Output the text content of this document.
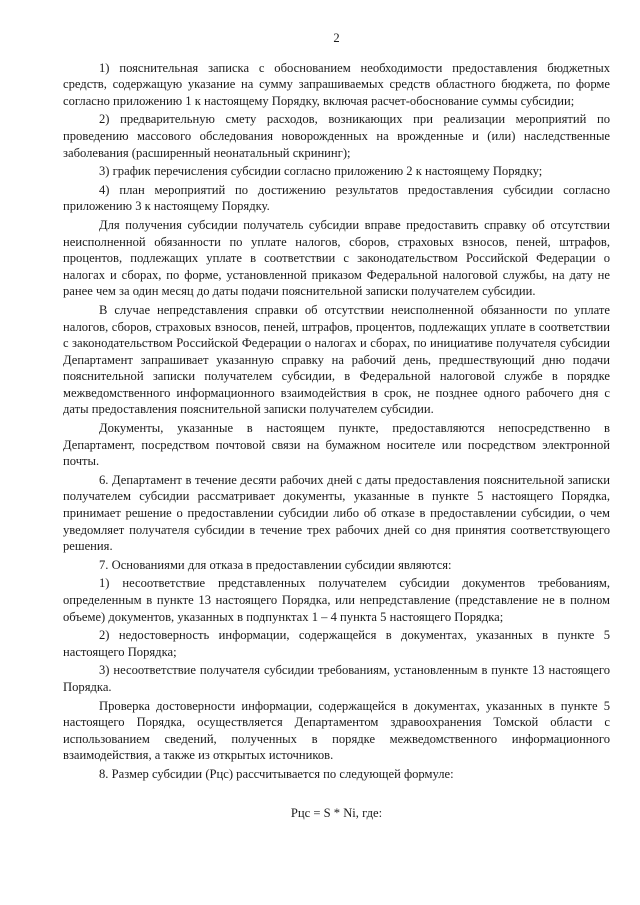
2

1) пояснительная записка с обоснованием необходимости предоставления бюджетных средств, содержащую указание на сумму запрашиваемых средств областного бюджета, по форме согласно приложению 1 к настоящему Порядку, включая расчет-обоснование суммы субсидии;

2) предварительную смету расходов, возникающих при реализации мероприятий по проведению массового обследования новорожденных на врожденные и (или) наследственные заболевания (расширенный неонатальный скрининг);

3) график перечисления субсидии согласно приложению 2 к настоящему Порядку;

4) план мероприятий по достижению результатов предоставления субсидии согласно приложению 3 к настоящему Порядку.

Для получения субсидии получатель субсидии вправе предоставить справку об отсутствии неисполненной обязанности по уплате налогов, сборов, страховых взносов, пеней, штрафов, процентов, подлежащих уплате в соответствии с законодательством Российской Федерации о налогах и сборах, по форме, установленной приказом Федеральной налоговой службы, на дату не ранее чем за один месяц до даты подачи пояснительной записки получателем субсидии.

В случае непредставления справки об отсутствии неисполненной обязанности по уплате налогов, сборов, страховых взносов, пеней, штрафов, процентов, подлежащих уплате в соответствии с законодательством Российской Федерации о налогах и сборах, по инициативе получателя субсидии Департамент запрашивает указанную справку на рабочий день, предшествующий дню подачи пояснительной записки получателем субсидии, в Федеральной налоговой службе в порядке межведомственного информационного взаимодействия в срок, не позднее одного рабочего дня с даты предоставления пояснительной записки получателем субсидии.

Документы, указанные в настоящем пункте, предоставляются непосредственно в Департамент, посредством почтовой связи на бумажном носителе или посредством электронной почты.

6. Департамент в течение десяти рабочих дней с даты предоставления пояснительной записки получателем субсидии рассматривает документы, указанные в пункте 5 настоящего Порядка, принимает решение о предоставлении субсидии либо об отказе в предоставлении субсидии, о чем уведомляет получателя субсидии в течение трех рабочих дней со дня принятия соответствующего решения.

7. Основаниями для отказа в предоставлении субсидии являются:

1) несоответствие представленных получателем субсидии документов требованиям, определенным в пункте 13 настоящего Порядка, или непредставление (представление не в полном объеме) документов, указанных в подпунктах 1 – 4 пункта 5 настоящего Порядка;

2) недостоверность информации, содержащейся в документах, указанных в пункте 5 настоящего Порядка;

3) несоответствие получателя субсидии требованиям, установленным в пункте 13 настоящего Порядка.

Проверка достоверности информации, содержащейся в документах, указанных в пункте 5 настоящего Порядка, осуществляется Департаментом здравоохранения Томской области с использованием сведений, полученных в порядке межведомственного информационного взаимодействия, а также из открытых источников.

8. Размер субсидии (Рцс) рассчитывается по следующей формуле:

Рцс = S * Ni, где:
